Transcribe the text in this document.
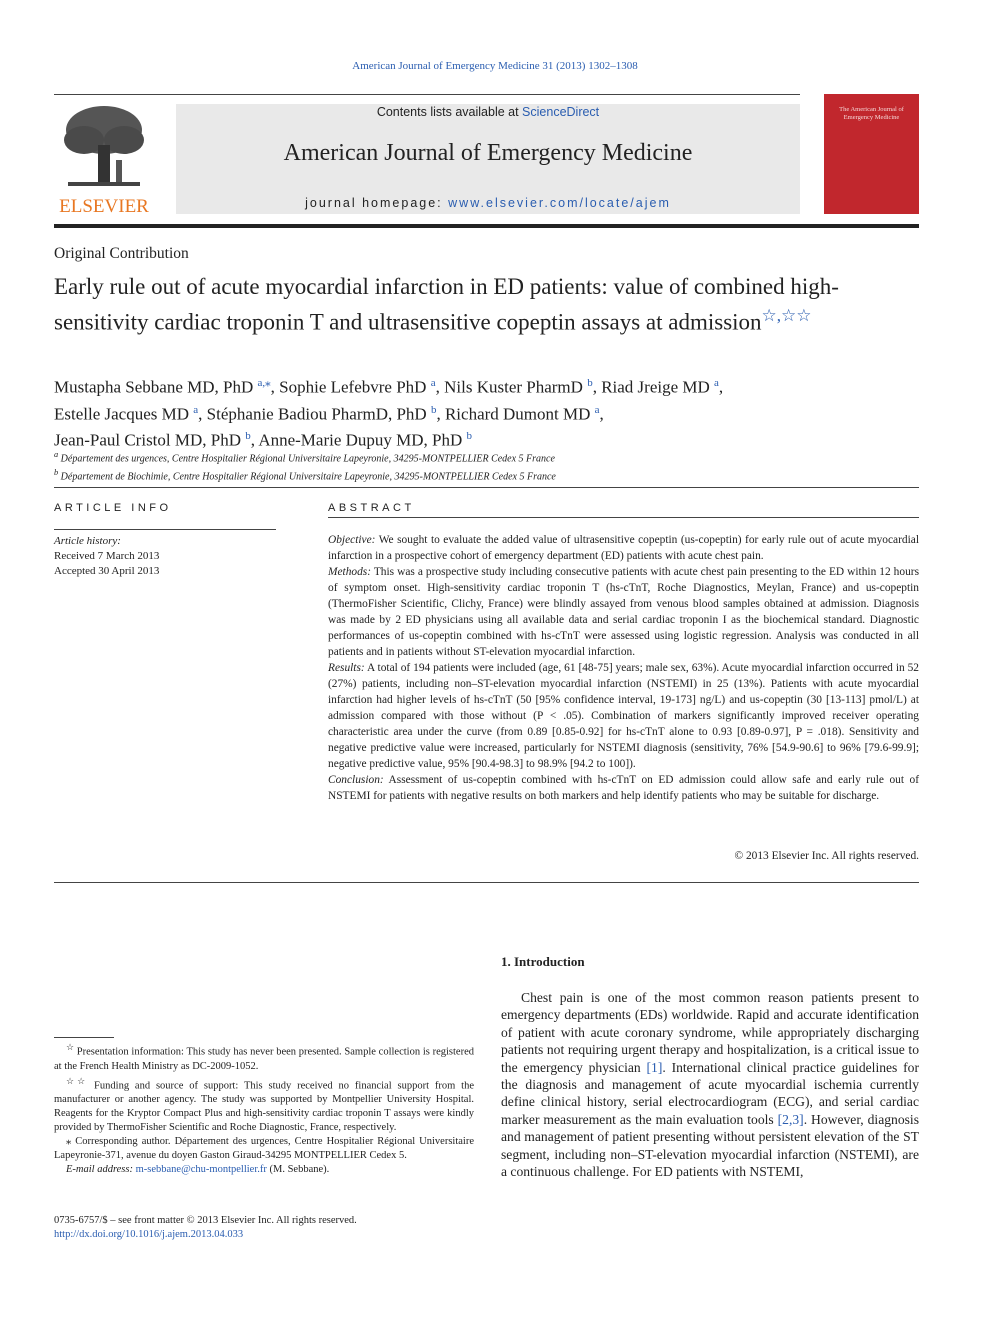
American Journal of Emergency Medicine 31 (2013) 1302–1308
ELSEVIER
Contents lists available at ScienceDirect
American Journal of Emergency Medicine
journal homepage: www.elsevier.com/locate/ajem
The American Journal of Emergency Medicine
Original Contribution
Early rule out of acute myocardial infarction in ED patients: value of combined high-sensitivity cardiac troponin T and ultrasensitive copeptin assays at admission☆,☆☆
Mustapha Sebbane MD, PhD $^{a,⁎}$, Sophie Lefebvre PhD $^a$, Nils Kuster PharmD $^b$, Riad Jreige MD $^a$,
Estelle Jacques MD $^a$, Stéphanie Badiou PharmD, PhD $^b$, Richard Dumont MD $^a$,
Jean-Paul Cristol MD, PhD $^b$, Anne-Marie Dupuy MD, PhD $^b$
$^a$ Département des urgences, Centre Hospitalier Régional Universitaire Lapeyronie, 34295-MONTPELLIER Cedex 5 France
$^b$ Département de Biochimie, Centre Hospitalier Régional Universitaire Lapeyronie, 34295-MONTPELLIER Cedex 5 France
ARTICLE INFO
Article history:
Received 7 March 2013
Accepted 30 April 2013
ABSTRACT

Objective: We sought to evaluate the added value of ultrasensitive copeptin (us-copeptin) for early rule out of acute myocardial infarction in a prospective cohort of emergency department (ED) patients with acute chest pain.

Methods: This was a prospective study including consecutive patients with acute chest pain presenting to the ED within 12 hours of symptom onset. High-sensitivity cardiac troponin T (hs-cTnT, Roche Diagnostics, Meylan, France) and us-copeptin (ThermoFisher Scientific, Clichy, France) were blindly assayed from venous blood samples obtained at admission. Diagnosis was made by 2 ED physicians using all available data and serial cardiac troponin I as the biochemical standard. Diagnostic performances of us-copeptin combined with hs-cTnT were assessed using logistic regression. Analysis was conducted in all patients and in patients without ST-elevation myocardial infarction.

Results: A total of 194 patients were included (age, 61 [48-75] years; male sex, 63%). Acute myocardial infarction occurred in 52 (27%) patients, including non–ST-elevation myocardial infarction (NSTEMI) in 25 (13%). Patients with acute myocardial infarction had higher levels of hs-cTnT (50 [95% confidence interval, 19-173] ng/L) and us-copeptin (30 [13-113] pmol/L) at admission compared with those without (P < .05). Combination of markers significantly improved receiver operating characteristic area under the curve (from 0.89 [0.85-0.92] for hs-cTnT alone to 0.93 [0.89-0.97], P = .018). Sensitivity and negative predictive value were increased, particularly for NSTEMI diagnosis (sensitivity, 76% [54.9-90.6] to 96% [79.6-99.9]; negative predictive value, 95% [90.4-98.3] to 98.9% [94.2 to 100]).

Conclusion: Assessment of us-copeptin combined with hs-cTnT on ED admission could allow safe and early rule out of NSTEMI for patients with negative results on both markers and help identify patients who may be suitable for discharge.

© 2013 Elsevier Inc. All rights reserved.
1. Introduction

Chest pain is one of the most common reason patients present to emergency departments (EDs) worldwide. Rapid and accurate identification of patient with acute coronary syndrome, while appropriately discharging patients not requiring urgent therapy and hospitalization, is a critical issue to the emergency physician [1]. International clinical practice guidelines for the diagnosis and management of acute myocardial ischemia currently define clinical history, serial electrocardiogram (ECG), and serial cardiac marker measurement as the main evaluation tools [2,3]. However, diagnosis and management of patient presenting without persistent elevation of the ST segment, including non–ST-elevation myocardial infarction (NSTEMI), are a continuous challenge. For ED patients with NSTEMI,

☆ Presentation information: This study has never been presented. Sample collection is registered at the French Health Ministry as DC-2009-1052.

☆☆ Funding and source of support: This study received no financial support from the manufacturer or another agency. The study was supported by Montpellier University Hospital. Reagents for the Kryptor Compact Plus and high-sensitivity cardiac troponin T assays were kindly provided by ThermoFisher Scientific and Roche Diagnostic, France, respectively.

⁎ Corresponding author. Département des urgences, Centre Hospitalier Régional Universitaire Lapeyronie-371, avenue du doyen Gaston Giraud-34295 MONTPELLIER Cedex 5.

E-mail address: m-sebbane@chu-montpellier.fr (M. Sebbane).

0735-6757/$ – see front matter © 2013 Elsevier Inc. All rights reserved.
http://dx.doi.org/10.1016/j.ajem.2013.04.033
